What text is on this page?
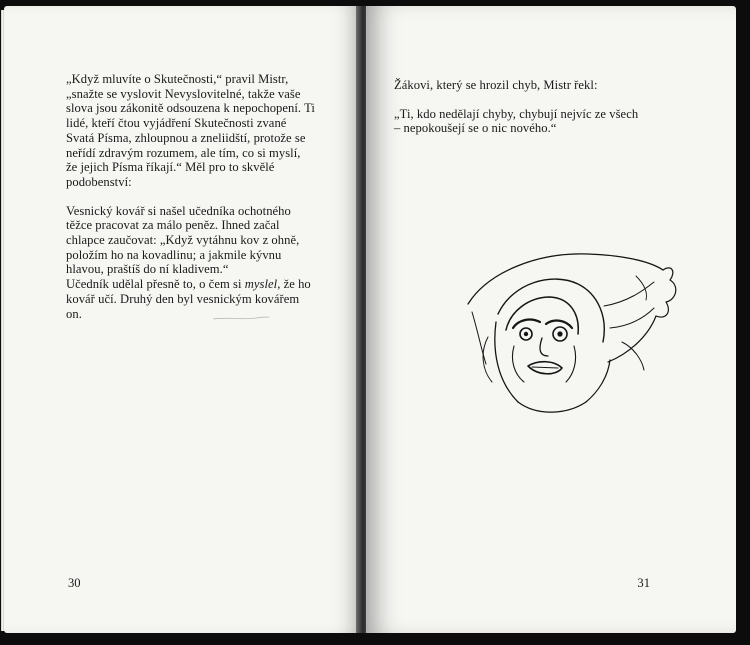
„Když mluvíte o Skutečnosti,“ pravil Mistr,

„snažte se vyslovit Nevyslovitelné, takže vaše

slova jsou zákonitě odsouzena k nepochopení. Ti

lidé, kteří čtou vyjádření Skutečnosti zvané

Svatá Písma, zhloupnou a zneliidští, protože se

neřídí zdravým rozumem, ale tím, co si myslí,

že jejich Písma říkají.“ Měl pro to skvělé

podobenství:

Vesnický kovář si našel učedníka ochotného

těžce pracovat za málo peněz. Ihned začal

chlapce zaučovat: „Když vytáhnu kov z ohně,

položím ho na kovadlinu; a jakmile kývnu

hlavou, praštíš do ní kladivem.“

Učedník udělal přesně to, o čem si myslel, že ho

kovář učí. Druhý den byl vesnickým kovářem

on.

30

Žákovi, který se hrozil chyb, Mistr řekl:

„Ti, kdo nedělají chyby, chybují nejvíc ze všech

– nepokoušejí se o nic nového.“

31
